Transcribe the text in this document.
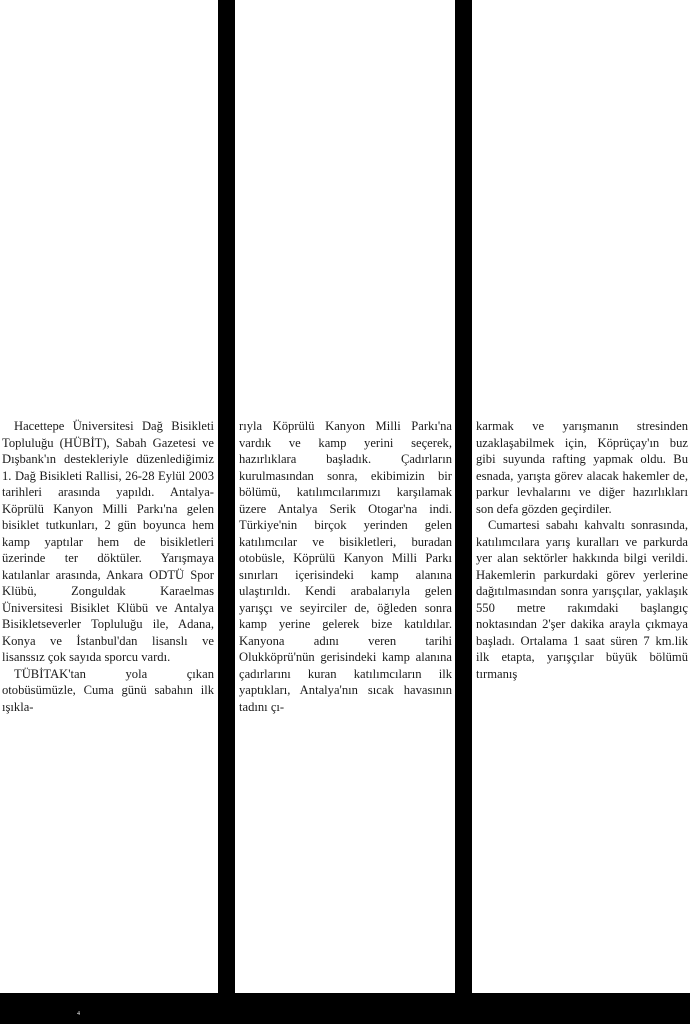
Hacettepe Üniversitesi Dağ Bisikleti Topluluğu (HÜBİT), Sabah Gazetesi ve Dışbank'ın destekleriyle düzenlediğimiz 1. Dağ Bisikleti Rallisi, 26-28 Eylül 2003 tarihleri arasında yapıldı. Antalya-Köprülü Kanyon Milli Parkı'na gelen bisiklet tutkunları, 2 gün boyunca hem kamp yaptılar hem de bisikletleri üzerinde ter döktüler. Yarışmaya katılanlar arasında, Ankara ODTÜ Spor Klübü, Zonguldak Karaelmas Üniversitesi Bisiklet Klübü ve Antalya Bisikletseverler Topluluğu ile, Adana, Konya ve İstanbul'dan lisanslı ve lisanssız çok sayıda sporcu vardı.

TÜBİTAK'tan yola çıkan otobüsümüzle, Cuma günü sabahın ilk ışıkla-

rıyla Köprülü Kanyon Milli Parkı'na vardık ve kamp yerini seçerek, hazırlıklara başladık. Çadırların kurulmasından sonra, ekibimizin bir bölümü, katılımcılarımızı karşılamak üzere Antalya Serik Otogar'na indi. Türkiye'nin birçok yerinden gelen katılımcılar ve bisikletleri, buradan otobüsle, Köprülü Kanyon Milli Parkı sınırları içerisindeki kamp alanına ulaştırıldı. Kendi arabalarıyla gelen yarışçı ve seyirciler de, öğleden sonra kamp yerine gelerek bize katıldılar. Kanyona adını veren tarihi Olukköprü'nün gerisindeki kamp alanına çadırlarını kuran katılımcıların ilk yaptıkları, Antalya'nın sıcak havasının tadını çı-

karmak ve yarışmanın stresinden uzaklaşabilmek için, Köprüçay'ın buz gibi suyunda rafting yapmak oldu. Bu esnada, yarışta görev alacak hakemler de, parkur levhalarını ve diğer hazırlıkları son defa gözden geçirdiler.

Cumartesi sabahı kahvaltı sonrasında, katılımcılara yarış kuralları ve parkurda yer alan sektörler hakkında bilgi verildi. Hakemlerin parkurdaki görev yerlerine dağıtılmasından sonra yarışçılar, yaklaşık 550 metre rakımdaki başlangıç noktasından 2'şer dakika arayla çıkmaya başladı. Ortalama 1 saat süren 7 km.lik ilk etapta, yarışçılar büyük bölümü tırmanış

4
